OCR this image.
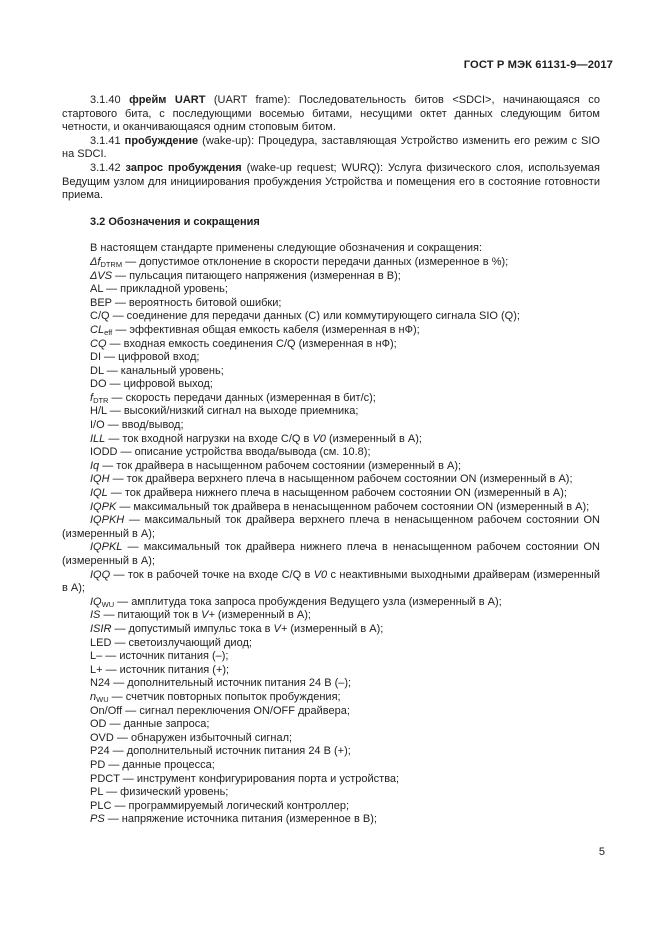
ГОСТ Р МЭК 61131-9—2017

3.1.40 фрейм UART (UART frame): Последовательность битов <SDCI>, начинающаяся со стартового бита, с последующими восемью битами, несущими октет данных следующим битом четности, и оканчивающаяся одним стоповым битом.

3.1.41 пробуждение (wake-up): Процедура, заставляющая Устройство изменить его режим с SIO на SDCI.

3.1.42 запрос пробуждения (wake-up request; WURQ): Услуга физического слоя, используемая Ведущим узлом для инициирования пробуждения Устройства и помещения его в состояние готовности приема.

3.2 Обозначения и сокращения

В настоящем стандарте применены следующие обозначения и сокращения:

$\Delta f_{DTRM}$ — допустимое отклонение в скорости передачи данных (измеренное в %);

ΔVS — пульсация питающего напряжения (измеренная в В);

AL — прикладной уровень;

BEP — вероятность битовой ошибки;

C/Q — соединение для передачи данных (С) или коммутирующего сигнала SIO (Q);

$CL_{eff}$ — эффективная общая емкость кабеля (измеренная в нФ);

CQ — входная емкость соединения C/Q (измеренная в нФ);

DI — цифровой вход;

DL — канальный уровень;

DO — цифровой выход;

$f_{DTR}$ — скорость передачи данных (измеренная в бит/с);

H/L — высокий/низкий сигнал на выходе приемника;

I/O — ввод/вывод;

ILL — ток входной нагрузки на входе C/Q в V0 (измеренный в А);

IODD — описание устройства ввода/вывода (см. 10.8);

Iq — ток драйвера в насыщенном рабочем состоянии (измеренный в А);

IQH — ток драйвера верхнего плеча в насыщенном рабочем состоянии ON (измеренный в А);

IQL — ток драйвера нижнего плеча в насыщенном рабочем состоянии ON (измеренный в А);

IQPK — максимальный ток драйвера в ненасыщенном рабочем состоянии ON (измеренный в А);

IQPKH — максимальный ток драйвера верхнего плеча в ненасыщенном рабочем состоянии ON (измеренный в А);

IQPKL — максимальный ток драйвера нижнего плеча в ненасыщенном рабочем состоянии ON (измеренный в А);

IQQ — ток в рабочей точке на входе C/Q в V0 с неактивными выходными драйверам (измеренный в А);

$IQ_{WU}$ — амплитуда тока запроса пробуждения Ведущего узла (измеренный в А);

IS — питающий ток в V+ (измеренный в А);

ISIR — допустимый импульс тока в V+ (измеренный в А);

LED — светоизлучающий диод;

L– — источник питания (–);

L+ — источник питания (+);

N24 — дополнительный источник питания 24 В (–);

$n_{WU}$ — счетчик повторных попыток пробуждения;

On/Off — сигнал переключения ON/OFF драйвера;

OD — данные запроса;

OVD — обнаружен избыточный сигнал;

P24 — дополнительный источник питания 24 В (+);

PD — данные процесса;

PDCT — инструмент конфигурирования порта и устройства;

PL — физический уровень;

PLC — программируемый логический контроллер;

PS — напряжение источника питания (измеренное в В);

5
